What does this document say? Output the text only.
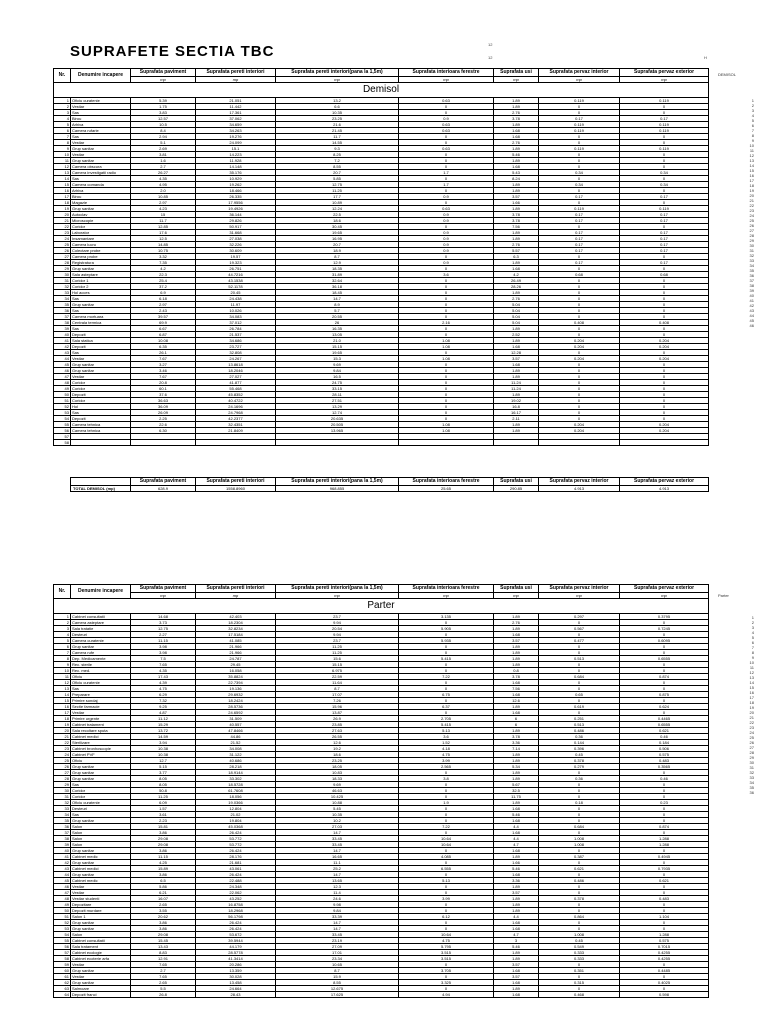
SUPRAFETE SECTIA TBC	12
12	H
Nr.	Denumire incapere	Suprafata paviment	Suprafata pereti interiori	Suprafata pereti interiori(pana la 1,5m)	Suprafata interioara ferestre	Suprafata usi	Suprafata pervaz interior	Suprafata pervaz exterior
		mp	mp	mp	mp	mp	mp	mp
Demisol								
1	Oficiu curatenie	5.39	21.051	13.2	0.63	1.89	0.119	0.119
2	Vestiar	1.75	11.442	6.6	0	1.89	0	0
3	Sas	3.83	17.361	10.35	0	2.76	0	0
4	Birou	12.57	37.062	23.25	0.9	3.78	0.17	0.17
5	Arhiva	10.5	34.659	21.6	0.63	1.89	0.119	0.119
6	Camera rufarie	8.4	34.263	21.45	0.63	1.68	0.119	0.119
7	Sas	2.94	19.276	11.7	0	1.68	0	0
8	Vestiar	5.1	24.099	14.55	0	2.76	0	0
9	Grup sanitar	2.69	15.1	9.3	0.63	1.89	0.119	0.119
10	Vestiar	3.81	14.223	8.25	0	5.46	0	0
11	Grup sanitar	1.6	11.928	7.2	0	1.89	0	0
12	Camera obscura	2.7	14.148	8.55	0	1.68	0	0
13	Camera investigatii radio	26.27	35.176	20.7	1.7	5.43	0.34	0.34
14	Sas	4.35	10.929	5.85	0	8.24	0	0
15	Camera comanda	4.95	19.262	12.75	1.7	1.89	0.34	0.34
16	Arhiva	2.0	18.466	11.25	0	1.89	0	0
17	Birou	10.85	26.335	17.7	0.9	3.57	0.17	0.17
18	Magazie	2.97	17.9556	10.89	0	1.66	0	0
19	Grup sanitar	4.23	19.4926	12.24	0.63	1.89	0.119	0.119
20	Autoclav	15	36.144	22.5	0.9	3.78	0.17	0.17
21	Microscopie	11.7	29.826	18.6	0.9	3.78	0.17	0.17
22	Coridor	12.85	50.917	30.45	0	7.56	0	0
23	Laborator	17.6	31.668	19.65	0.9	1.89	0.17	0.17
24	Insamantare	12.5	27.038	16.95	0.9	1.89	0.17	0.17
25	Camera lucru	14.85	32.226	20.7	0.9	2.76	0.17	0.17
26	Colectare probe	10.75	30.609	18.9	0.9	5.57	0.17	0.17
27	Camera probe	3.32	19.57	8.7	0	6.3	0	0
28	Registratura	7.35	19.323	12.9	0.9	1.89	0.17	0.17
29	Grup sanitar	4.2	26.751	18.35	0	1.68	0	0
30	Sala asteptare	22.3	44.7216	31.89	3.6	4.2	0.68	0.68
31	Coridor 1	25.4	43.1538	32.64	0	26.49	0	0
32	Coridor 2	37.2	52.1178	36.18	0	28.26	0	0
33	Hol acces	6.9	20.45	18.45	0	1.89	0	0
34	Sas	6.18	24.438	14.7	0	2.76	0	0
35	Grup sanitar	2.97	11.97	8.9	0	5.04	0	0
36	Sas	2.43	10.026	5.7	0	5.04	0	0
37	Camera mortuara	39.57	34.083	20.55	0	5.04	0	0
38	Centrala termica	69.9	37.012	26	2.16	5.04	0.408	0.408
39	Sas	6.67	26.784	16.35	0	1.89	0	0
40	Depozit	6.87	21.537	13.05	0	2.52	0	0
41	Sala statica	10.08	34.686	21.0	1.08	1.89	0.204	0.204
42	Depozit	6.35	23.727	15.15	1.08	1.68	0.204	0.204
43	Sas	26.1	32.808	19.65	0	12.28	0	0
44	Vestiar	7.67	24.267	15.3	1.08	3.57	0.204	0.204
45	Grup sanitar	3.27	13.8618	9.69	0	1.68	0	0
46	Grup sanitar	3.46	18.2046	9.84	0	1.89	0	0
47	Vestiar	7.67	27.027	16.5	0	1.89	0	0
48	Coridor	20.8	41.877	24.75	0	11.24	0	0
49	Coridor	60.1	55.468	33.15	0	11.24	0	0
50	Depozit	37.6	45.8352	28.11	0	1.89	0	0
51	Coridor	36.63	40.4722	27.51	0	19.02	0	0
52	Hol	36.09	24.1696	13.29	0	16.8	0	0
53	Sas	26.09	24.7968	12.74	0	16.17	0	0
54	Depozit	2.25	42.2377	20.635	0	2.11	0	0
55	Camera tehnica	22.6	32.4351	20.505	1.08	1.89	0.204	0.204
56	Camera tehnica	6.30	21.8409	13.965	1.08	1.89	0.204	0.204
57								
58								
	Suprafata paviment	Suprafata pereti interiori	Suprafata pereti interiori(pana la 1,5m)	Suprafata interioara ferestre	Suprafata usi	Suprafata pervaz interior	Suprafata pervaz exterior
TOTAL DEMISOL (mp)	628.9	1558.8960	968.855	25.65	290.85	4.913	4.913
Nr.	Denumire incapere	Suprafata paviment	Suprafata pereti interiori	Suprafata pereti interiori(pana la 1,5m)	Suprafata interioara ferestre	Suprafata usi	Suprafata pervaz interior	Suprafata pervaz exterior
		mp	mp	mp	mp	mp	mp	mp
Parter								
1	Cabinet consultatii	14.68	42.403	23.7	3.135	1.89	0.297	0.3795
2	Camera asteptare	3.73	18.2304	9.94	0	2.76	0	0
3	Sala tratatie	12.75	32.8234	20.54	5.905	1.89	0.567	0.7245
4	Desteuri	2.27	17.5184	9.94	0	1.68	0	0
5	Camera curatenie	11.15	41.085	23.7	5.935	3.57	0.477	0.6095
6	Grup sanitar	3.98	21.966	11.25	0	1.89	0	0
7	Camera rufe	3.98	21.966	11.25	0	1.89	0	0
8	Dep. Medicamente	7.5	24.787	15.6	5.415	1.89	0.513	0.6555
9	Rec. sterile	7.65	29.45	15.15	0	1.89	0	0
10	Rec. med.	4.35	16.058	6.975	0	0.8	0	0
11	Oficiu	17.43	35.8824	22.59	7.22	3.78	0.684	0.874
12	Oficiu curatenie	4.39	22.7394	11.64	0	1.68	0	0
13	Sas	4.75	19.136	8.7	0	7.56	0	0
14	Preparare	6.29	29.6932	17.07	6.75	1.68	0.65	0.875
15	Primire sondaj	7.32	18.2424	7.26	0	12.6	0	0
16	Sectie farmacie	9.25	28.5736	15.96	6.37	1.89	0.619	0.624
17	Vestiar	4.87	24.6592	13.87	0	1.68	0	0
18	Primire urgente	11.12	31.509	26.9	2.705	6	0.251	0.4465
19	Cabinet tratament	15.29	40.557	23.85	5.415	6	0.513	0.6555
20	Sala recoltare sputa	13.72	47.8466	27.63	5.13	1.89	0.486	0.621
21	Cabinet medici	14.59	44.86	26.55	3.6	3.78	0.36	0.46
22	Sterilizare	3.94	21.52	12.6	1.52	3.36	0.144	0.184
23	Cabinet bronhoscopie	10.38	34.008	19.2	4.18	7.14	0.396	0.506
24	Cabinet PVF	10.38	31.122	18.6	4.75	1.89	0.45	0.575
25	Oficiu	12.7	40.686	23.25	3.99	1.89	0.378	0.483
26	Grup sanitar	5.15	28.218	18.05	2.565	5.34	0.279	0.3565
27	Grup sanitar	3.77	18.9144	10.83	0	1.89	0	0
28	Grup sanitar	8.05	33.302	18.33	3.8	1.89	0.36	0.46
29	Sas	8.05	18.5728	9.69	0	5.67	0	0
30	Coridor	50.8	61.7608	46.63	0	32.5	0	0
31	Coridor	11.25	18.056	10.425	0	11.75	0	0
32	Oficiu curatenie	6.09	19.0366	10.88	1.9	1.89	0.18	0.23
33	Desteuri	1.57	12.804	5.45	0	1.68	0	0
34	Sas	3.61	21.02	10.35	0	5.46	0	0
35	Grup sanitar	2.23	19.804	10.2	0	1.68	0	0
36	Salon	15.81	45.0368	27.03	7.22	4.4	0.684	0.874
37	Salon	3.86	26.424	14.7	0	1.68	0	0
38	Salon	29.08	53.772	33.45	10.64	4.4	1.008	1.288
39	Salon	29.08	53.772	33.45	10.64	4.7	1.008	1.288
40	Grup sanitar	3.86	26.424	14.7	0	1.68	0	0
41	Cabinet medic	11.15	28.176	16.65	4.085	1.89	0.387	0.4945
42	Grup sanitar	4.25	21.681	11.1	0	1.66	0	0
43	Cabinet medici	15.89	43.061	25.2	6.555	5.46	0.621	0.7935
44	Grup sanitar	3.86	26.424	14.7	0	1.68	0	0
45	Cabinet medic	6.5	22.488	13.65	5.13	3.36	0.486	0.621
46	Vestiar	5.86	24.348	12.3	0	1.89	0	0
47	Vestiar	6.21	22.062	11.4	0	3.57	0	0
48	Vestiar studenti	16.07	43.252	24.6	3.99	1.89	0.378	0.483
49	Depozitare	2.65	16.8758	9.98	0	1.89	0	0
50	Depozit murdare	3.55	18.2968	9.84	0	1.89	0	0
51	Salon 1	20.62	56.1798	33.39	6.12	4.4	0.864	1.104
52	Grup sanitar	3.86	26.424	14.7	0	1.68	0	0
53	Grup sanitar	3.86	26.424	14.7	0	1.68	0	0
54	Salon	29.08	53.672	33.45	10.64	4.7	1.008	1.288
55	Cabinet consultatii	15.45	39.5944	23.19	4.75	3	0.45	0.575
56	Sala tratament	13.43	44.179	27.09	5.795	5.46	0.549	0.7015
57	Cabinet ecologie	8.83	28.5778	17.01	3.515	1.89	0.333	0.4255
58	Cabinet ecoterie arfa	12.91	41.3414	23.34	3.515	1.89	0.333	0.4255
59	Vestiar	7.65	20.286	10.65	0	3.57	0	0
60	Grup sanitar	2.7	13.359	8.7	3.705	1.68	0.351	0.4485
61	Vestiar	7.65	30.028	15.9	0	3.57	0	0
62	Grup sanitar	2.65	13.458	8.55	3.325	1.68	0.315	0.4025
63	Salmoare	5.5	24.664	12.675	0	1.89	0	0
64	Depozit franci	26.8	28.43	17.625	4.94	1.68	0.468	0.598
DEMISOL
1
2
3
4
5
6
7
8
9
10
11
12
13
14
15
16
17
18
19
20
21
22
23
24
25
26
27
28
29
30
31
32
33
34
35
36
37
38
39
40
41
42
43
44
45
46
Parter
1
2
3
4
5
6
7
8
9
10
11
12
13
14
15
16
17
18
19
20
21
22
23
24
25
26
27
28
29
30
31
32
33
34
35
36
